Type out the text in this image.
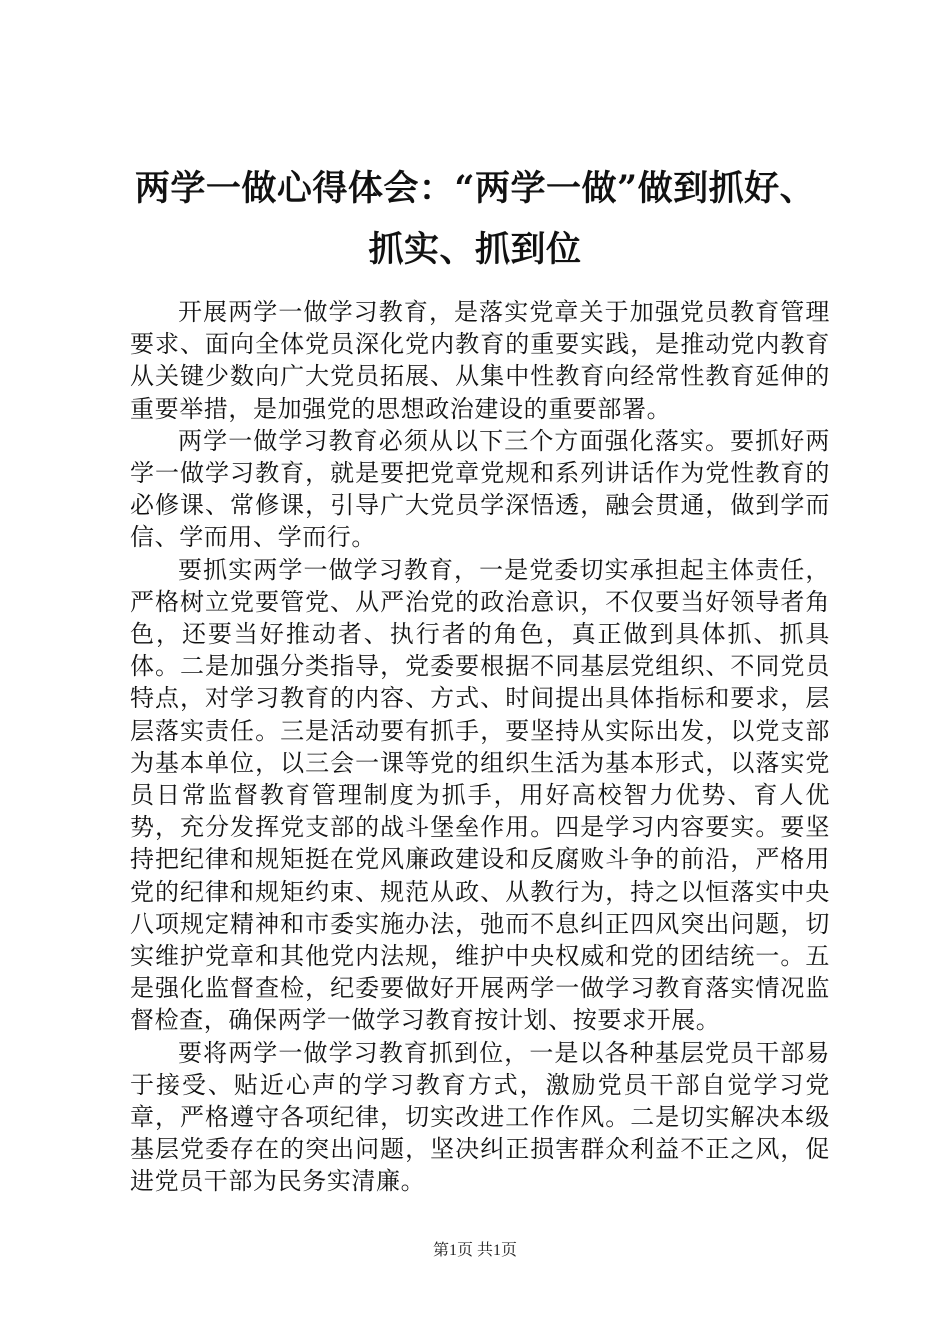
两学一做心得体会：“两学一做”做到抓好、
抓实、抓到位

开展两学一做学习教育，是落实党章关于加强党员教育管理要求、面向全体党员深化党内教育的重要实践，是推动党内教育从关键少数向广大党员拓展、从集中性教育向经常性教育延伸的重要举措，是加强党的思想政治建设的重要部署。

两学一做学习教育必须从以下三个方面强化落实。要抓好两学一做学习教育，就是要把党章党规和系列讲话作为党性教育的必修课、常修课，引导广大党员学深悟透，融会贯通，做到学而信、学而用、学而行。

要抓实两学一做学习教育，一是党委切实承担起主体责任，严格树立党要管党、从严治党的政治意识，不仅要当好领导者角色，还要当好推动者、执行者的角色，真正做到具体抓、抓具体。二是加强分类指导，党委要根据不同基层党组织、不同党员特点，对学习教育的内容、方式、时间提出具体指标和要求，层层落实责任。三是活动要有抓手，要坚持从实际出发，以党支部为基本单位，以三会一课等党的组织生活为基本形式，以落实党员日常监督教育管理制度为抓手，用好高校智力优势、育人优势，充分发挥党支部的战斗堡垒作用。四是学习内容要实。要坚持把纪律和规矩挺在党风廉政建设和反腐败斗争的前沿，严格用党的纪律和规矩约束、规范从政、从教行为，持之以恒落实中央八项规定精神和市委实施办法，弛而不息纠正四风突出问题，切实维护党章和其他党内法规，维护中央权威和党的团结统一。五是强化监督查检，纪委要做好开展两学一做学习教育落实情况监督检查，确保两学一做学习教育按计划、按要求开展。

要将两学一做学习教育抓到位，一是以各种基层党员干部易于接受、贴近心声的学习教育方式，激励党员干部自觉学习党章，严格遵守各项纪律，切实改进工作作风。二是切实解决本级基层党委存在的突出问题，坚决纠正损害群众利益不正之风，促进党员干部为民务实清廉。

第1页 共1页
